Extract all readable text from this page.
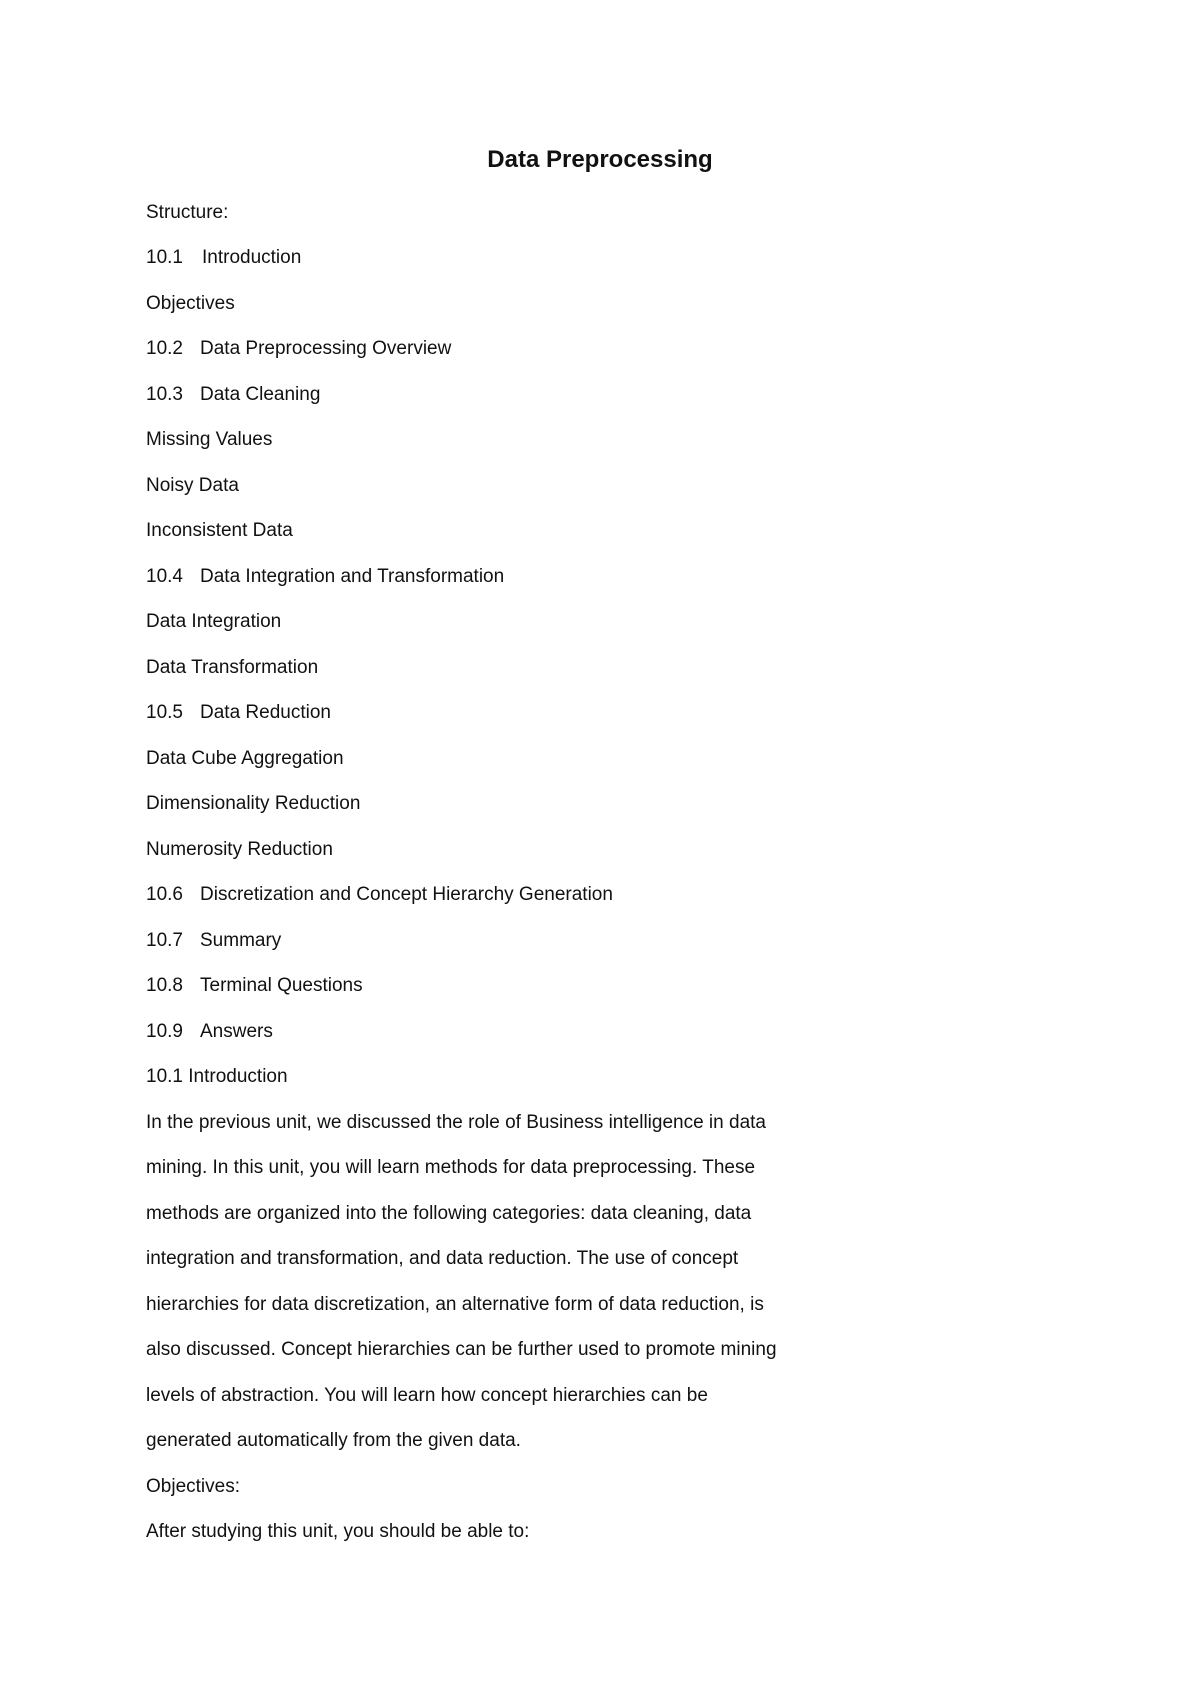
Data Preprocessing

Structure:

10.1 Introduction

Objectives

10.2 Data Preprocessing Overview

10.3 Data Cleaning

Missing Values

Noisy Data

Inconsistent Data

10.4 Data Integration and Transformation

Data Integration

Data Transformation

10.5 Data Reduction

Data Cube Aggregation

Dimensionality Reduction

Numerosity Reduction

10.6 Discretization and Concept Hierarchy Generation

10.7 Summary

10.8 Terminal Questions

10.9 Answers

10.1 Introduction

In the previous unit, we discussed the role of Business intelligence in data

mining. In this unit, you will learn methods for data preprocessing. These

methods are organized into the following categories: data cleaning, data

integration and transformation, and data reduction. The use of concept

hierarchies for data discretization, an alternative form of data reduction, is

also discussed. Concept hierarchies can be further used to promote mining

levels of abstraction. You will learn how concept hierarchies can be

generated automatically from the given data.

Objectives:

After studying this unit, you should be able to:
